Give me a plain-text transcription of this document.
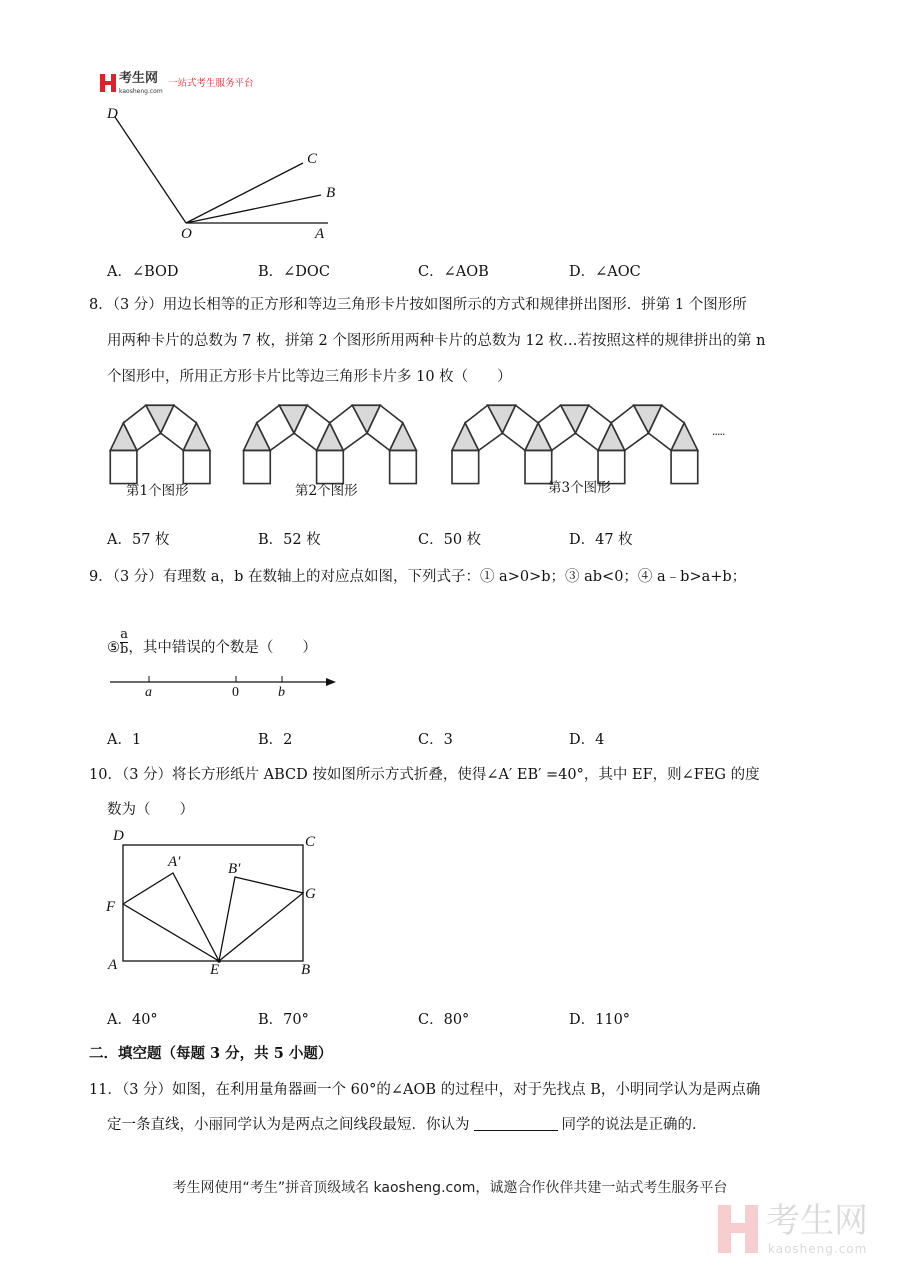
考生网
kaosheng.com
一站式考生服务平台
D
C
B
O	A
A．∠BOD	B．∠DOC	C．∠AOB	D．∠AOC
8．（3 分）用边长相等的正方形和等边三角形卡片按如图所示的方式和规律拼出图形．拼第 1 个图形所
用两种卡片的总数为 7 枚，拼第 2 个图形所用两种卡片的总数为 12 枚…若按照这样的规律拼出的第 n
个图形中，所用正方形卡片比等边三角形卡片多 10 枚（　　）
第1个图形	第2个图形	第3个图形
·····
A．57 枚	B．52 枚	C．50 枚	D．47 枚
9．（3 分）有理数 a，b 在数轴上的对应点如图，下列式子：① a>0>b；③ ab<0；④ a﹣b>a+b；
⑤ $\frac{a}{b}$ ，其中错误的个数是（　　）
a	0	b
A．1	B．2	C．3	D．4
10．（3 分）将长方形纸片 ABCD 按如图所示方式折叠，使得∠A′ EB′ =40°，其中 EF，则∠FEG 的度
数为（　　）
D	C
A′	B′
F
G
A	E	B
A．40°	B．70°	C．80°	D．110°
二．填空题（每题 3 分，共 5 小题）
11．（3 分）如图，在利用量角器画一个 60°的∠AOB 的过程中，对于先找点 B，小明同学认为是两点确
定一条直线，小丽同学认为是两点之间线段最短．你认为	同学的说法是正确的．
考生网使用“考生”拼音顶级域名 kaosheng.com，诚邀合作伙伴共建一站式考生服务平台
考生网
kaosheng.com
